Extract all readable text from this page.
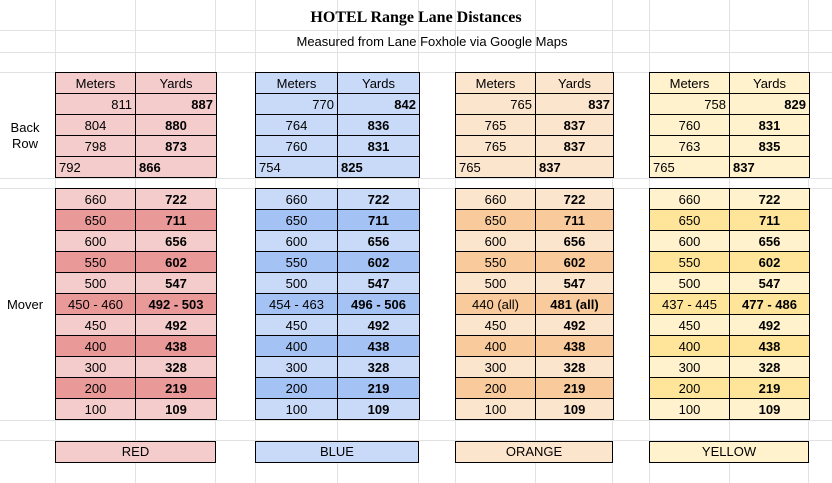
HOTEL Range Lane Distances
Measured from Lane Foxhole via Google Maps
Back
Row
Mover
Meters	Yards
811	887
804	880
798	873
792	866
660	722
650	711
600	656
550	602
500	547
450 - 460	492 - 503
450	492
400	438
300	328
200	219
100	109
Meters	Yards
770	842
764	836
760	831
754	825
660	722
650	711
600	656
550	602
500	547
454 - 463	496 - 506
450	492
400	438
300	328
200	219
100	109
Meters	Yards
765	837
765	837
765	837
765	837
660	722
650	711
600	656
550	602
500	547
440 (all)	481 (all)
450	492
400	438
300	328
200	219
100	109
Meters	Yards
758	829
760	831
763	835
765	837
660	722
650	711
600	656
550	602
500	547
437 - 445	477 - 486
450	492
400	438
300	328
200	219
100	109
RED	BLUE	ORANGE	YELLOW
